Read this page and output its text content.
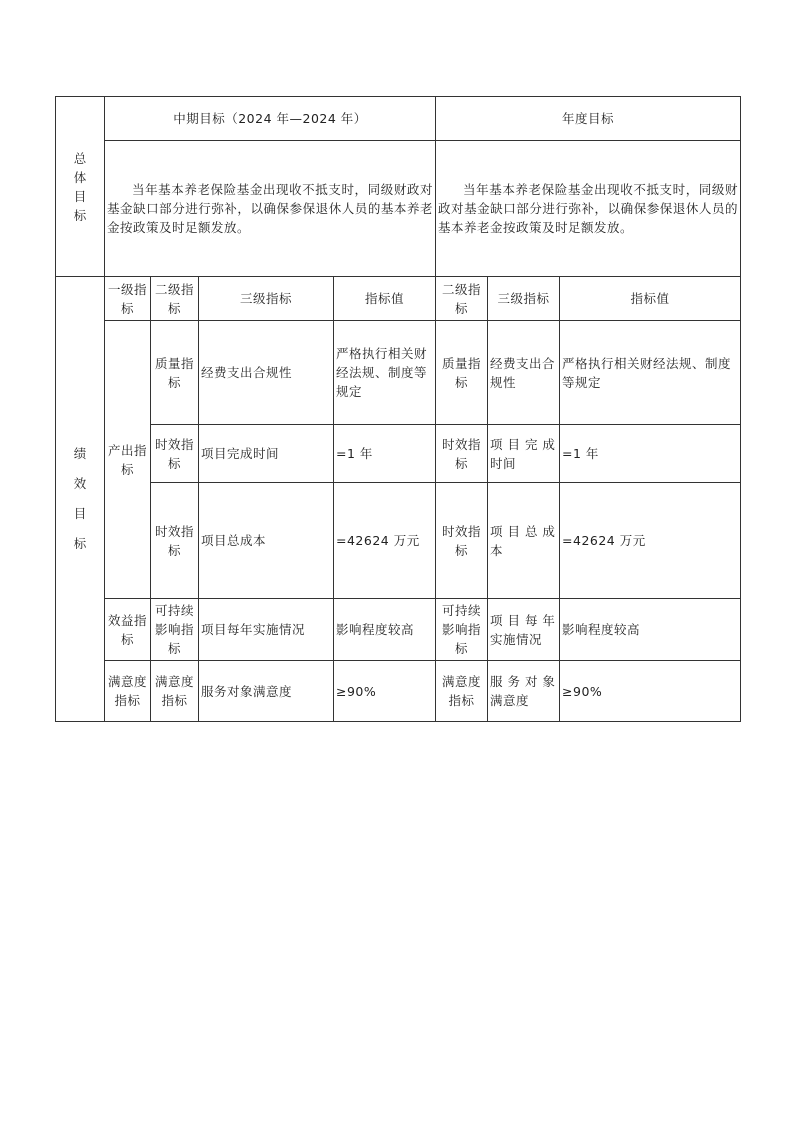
总体目标	中期目标（2024 年—2024 年）				年度目标		
	当年基本养老保险基金出现收不抵支时，同级财政对基金缺口部分进行弥补，以确保参保退休人员的基本养老金按政策及时足额发放。				当年基本养老保险基金出现收不抵支时，同级财政对基金缺口部分进行弥补，以确保参保退休人员的基本养老金按政策及时足额发放。		

绩效目标	一级指标	二级指标	三级指标	指标值	二级指标	三级指标	指标值
	产出指标	质量指标	经费支出合规性	严格执行相关财经法规、制度等规定	质量指标	经费支出合规性	严格执行相关财经法规、制度等规定
		时效指标	项目完成时间	=1 年	时效指标	项 目 完 成时间	=1 年
		时效指标	项目总成本	=42624 万元	时效指标	项 目 总 成本	=42624 万元
	效益指标	可持续影响指标	项目每年实施情况	影响程度较高	可持续影响指标	项 目 每 年实施情况	影响程度较高
	满意度指标	满意度指标	服务对象满意度	≥90%	满意度指标	服 务 对 象满意度	≥90%
